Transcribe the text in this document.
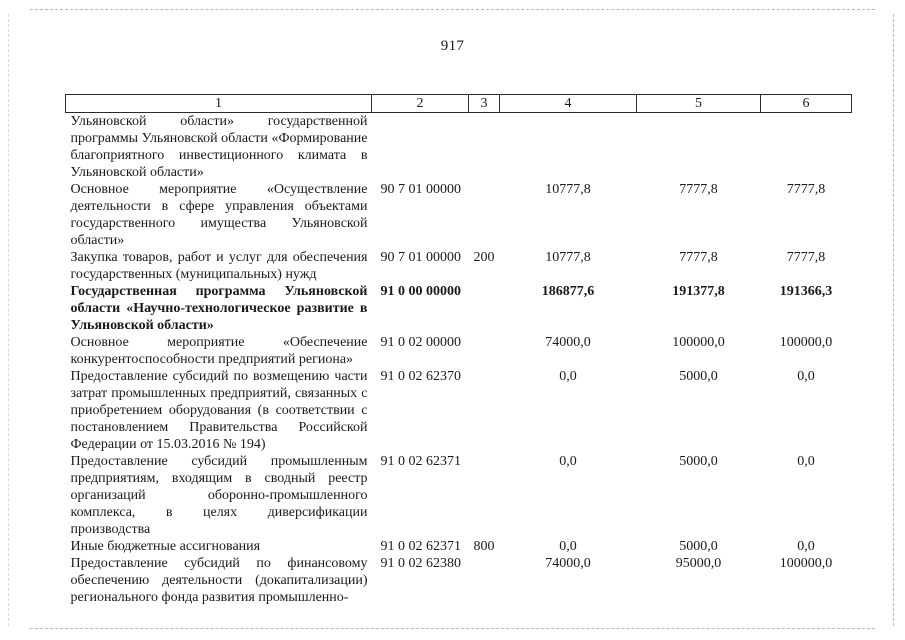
917
1	2	3	4	5	6
Ульяновской области» государственной программы Ульяновской области «Формирование благоприятного инвестиционного климата в Ульяновской области»					
Основное мероприятие «Осуществление деятельности в сфере управления объектами государственного имущества Ульяновской области»	90 7 01 00000		10777,8	7777,8	7777,8
Закупка товаров, работ и услуг для обеспечения государственных (муниципальных) нужд	90 7 01 00000	200	10777,8	7777,8	7777,8
Государственная программа Ульяновской области «Научно-технологическое развитие в Ульяновской области»	91 0 00 00000		186877,6	191377,8	191366,3
Основное мероприятие «Обеспечение конкурентоспособности предприятий региона»	91 0 02 00000		74000,0	100000,0	100000,0
Предоставление субсидий по возмещению части затрат промышленных предприятий, связанных с приобретением оборудования (в соответствии с постановлением Правительства Российской Федерации от 15.03.2016 № 194)	91 0 02 62370		0,0	5000,0	0,0
Предоставление субсидий промышленным предприятиям, входящим в сводный реестр организаций оборонно-промышленного комплекса, в целях диверсификации производства	91 0 02 62371		0,0	5000,0	0,0
Иные бюджетные ассигнования	91 0 02 62371	800	0,0	5000,0	0,0
Предоставление субсидий по финансовому обеспечению деятельности (докапитализации) регионального фонда развития промышленно-	91 0 02 62380		74000,0	95000,0	100000,0
